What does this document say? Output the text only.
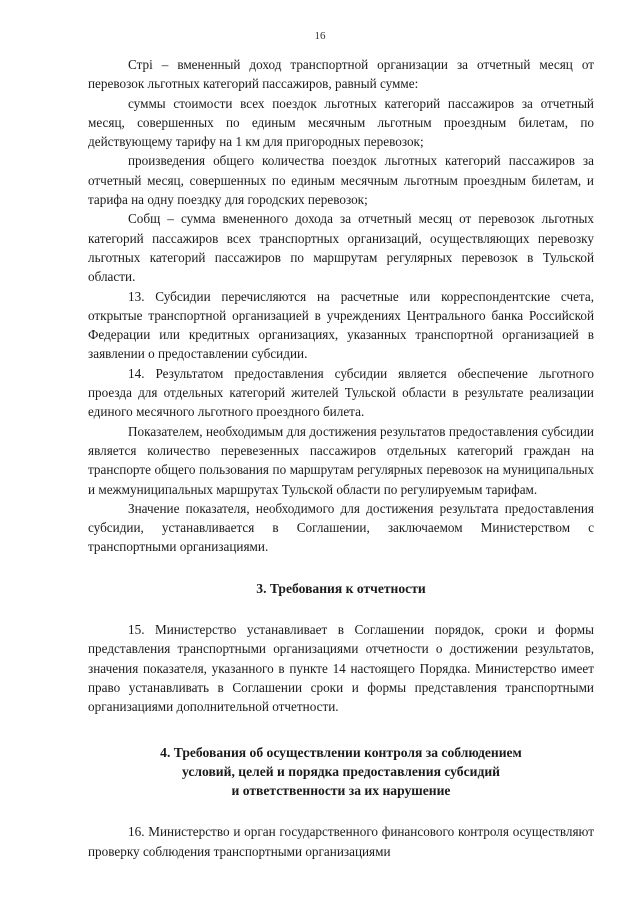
16

Стрі – вмененный доход транспортной организации за отчетный месяц от перевозок льготных категорий пассажиров, равный сумме:

суммы стоимости всех поездок льготных категорий пассажиров за отчетный месяц, совершенных по единым месячным льготным проездным билетам, по действующему тарифу на 1 км для пригородных перевозок;

произведения общего количества поездок льготных категорий пассажиров за отчетный месяц, совершенных по единым месячным льготным проездным билетам, и тарифа на одну поездку для городских перевозок;

Собщ – сумма вмененного дохода за отчетный месяц от перевозок льготных категорий пассажиров всех транспортных организаций, осуществляющих перевозку льготных категорий пассажиров по маршрутам регулярных перевозок в Тульской области.

13. Субсидии перечисляются на расчетные или корреспондентские счета, открытые транспортной организацией в учреждениях Центрального банка Российской Федерации или кредитных организациях, указанных транспортной организацией в заявлении о предоставлении субсидии.

14. Результатом предоставления субсидии является обеспечение льготного проезда для отдельных категорий жителей Тульской области в результате реализации единого месячного льготного проездного билета.

Показателем, необходимым для достижения результатов предоставления субсидии является количество перевезенных пассажиров отдельных категорий граждан на транспорте общего пользования по маршрутам регулярных перевозок на муниципальных и межмуниципальных маршрутах Тульской области по регулируемым тарифам.

Значение показателя, необходимого для достижения результата предоставления субсидии, устанавливается в Соглашении, заключаемом Министерством с транспортными организациями.

3. Требования к отчетности

15. Министерство устанавливает в Соглашении порядок, сроки и формы представления транспортными организациями отчетности о достижении результатов, значения показателя, указанного в пункте 14 настоящего Порядка. Министерство имеет право устанавливать в Соглашении сроки и формы представления транспортными организациями дополнительной отчетности.

4. Требования об осуществлении контроля за соблюдением

условий, целей и порядка предоставления субсидий

и ответственности за их нарушение

16. Министерство и орган государственного финансового контроля осуществляют проверку соблюдения транспортными организациями
